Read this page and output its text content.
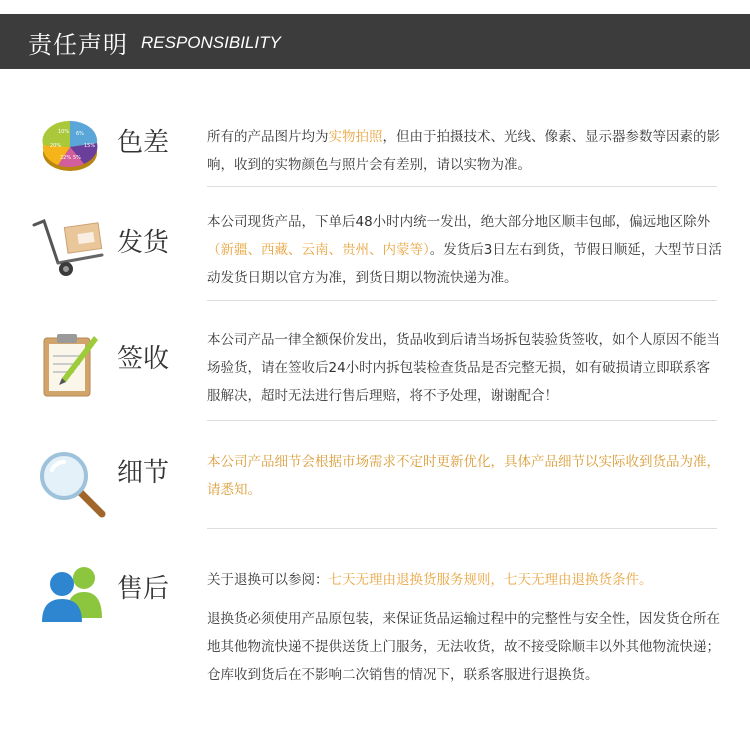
责任声明 RESPONSIBILITY
6%
15%
5%
22%
20%
10% 色差	所有的产品图片均为实物拍照，但由于拍摄技术、光线、像素、显示器参数等因素的影响，收到的实物颜色与照片会有差别，请以实物为准。
发货
本公司现货产品，下单后48小时内统一发出，绝大部分地区顺丰包邮，偏远地区除外（新疆、西藏、云南、贵州、内蒙等）。发货后3日左右到货，节假日顺延，大型节日活动发货日期以官方为准，到货日期以物流快递为准。
签收
本公司产品一律全额保价发出，货品收到后请当场拆包装验货签收，如个人原因不能当场验货，请在签收后24小时内拆包装检查货品是否完整无损，如有破损请立即联系客服解决，超时无法进行售后理赔，将不予处理，谢谢配合！
细节	本公司产品细节会根据市场需求不定时更新优化，具体产品细节以实际收到货品为准，请悉知。
售后	关于退换可以参阅：七天无理由退换货服务规则，七天无理由退换货条件。
退换货必须使用产品原包装，来保证货品运输过程中的完整性与安全性，因发货仓所在地其他物流快递不提供送货上门服务，无法收货，故不接受除顺丰以外其他物流快递；仓库收到货后在不影响二次销售的情况下，联系客服进行退换货。
